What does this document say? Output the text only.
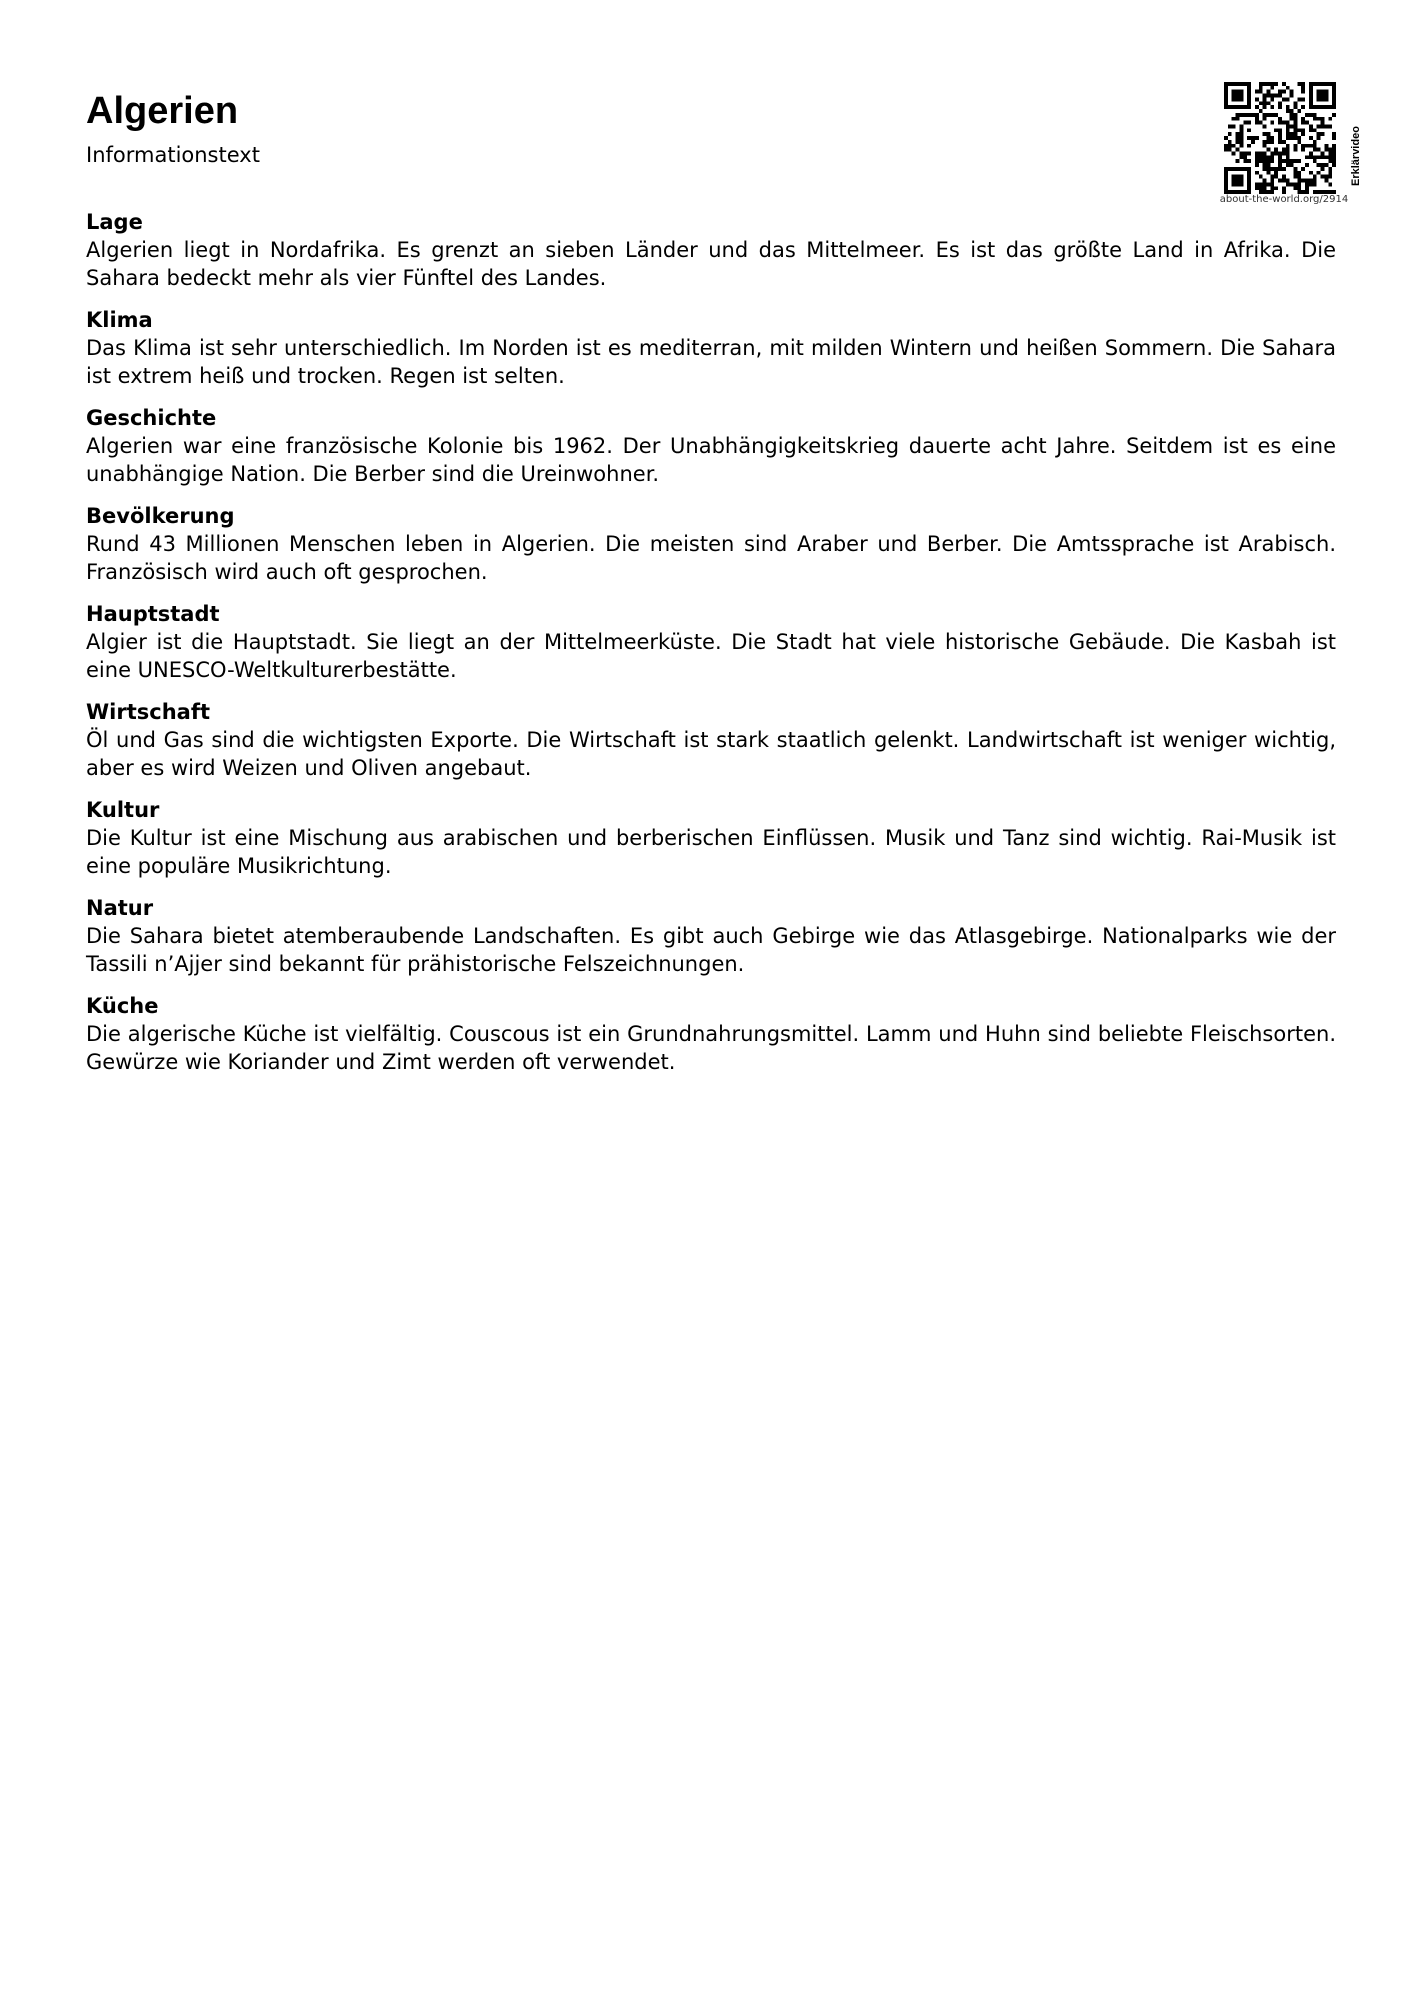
Algerien

Informationstext

about-the-world.org/2914
Erklärvideo

Lage

Algerien liegt in Nordafrika. Es grenzt an sieben Länder und das Mittelmeer. Es ist das größte Land in Afrika. Die Sahara bedeckt mehr als vier Fünftel des Landes.

Klima

Das Klima ist sehr unterschiedlich. Im Norden ist es mediterran, mit milden Wintern und heißen Sommern. Die Sahara ist extrem heiß und trocken. Regen ist selten.

Geschichte

Algerien war eine französische Kolonie bis 1962. Der Unabhängigkeitskrieg dauerte acht Jahre. Seitdem ist es eine unabhängige Nation. Die Berber sind die Ureinwohner.

Bevölkerung

Rund 43 Millionen Menschen leben in Algerien. Die meisten sind Araber und Berber. Die Amtssprache ist Arabisch. Französisch wird auch oft gesprochen.

Hauptstadt

Algier ist die Hauptstadt. Sie liegt an der Mittelmeerküste. Die Stadt hat viele historische Gebäude. Die Kasbah ist eine UNESCO-Weltkulturerbestätte.

Wirtschaft

Öl und Gas sind die wichtigsten Exporte. Die Wirtschaft ist stark staatlich gelenkt. Landwirtschaft ist weniger wichtig, aber es wird Weizen und Oliven angebaut.

Kultur

Die Kultur ist eine Mischung aus arabischen und berberischen Einflüssen. Musik und Tanz sind wichtig. Rai-Musik ist eine populäre Musikrichtung.

Natur

Die Sahara bietet atemberaubende Landschaften. Es gibt auch Gebirge wie das Atlasgebirge. Nationalparks wie der Tassili n’Ajjer sind bekannt für prähistorische Felszeichnungen.

Küche

Die algerische Küche ist vielfältig. Couscous ist ein Grundnahrungsmittel. Lamm und Huhn sind beliebte Fleischsorten. Gewürze wie Koriander und Zimt werden oft verwendet.
